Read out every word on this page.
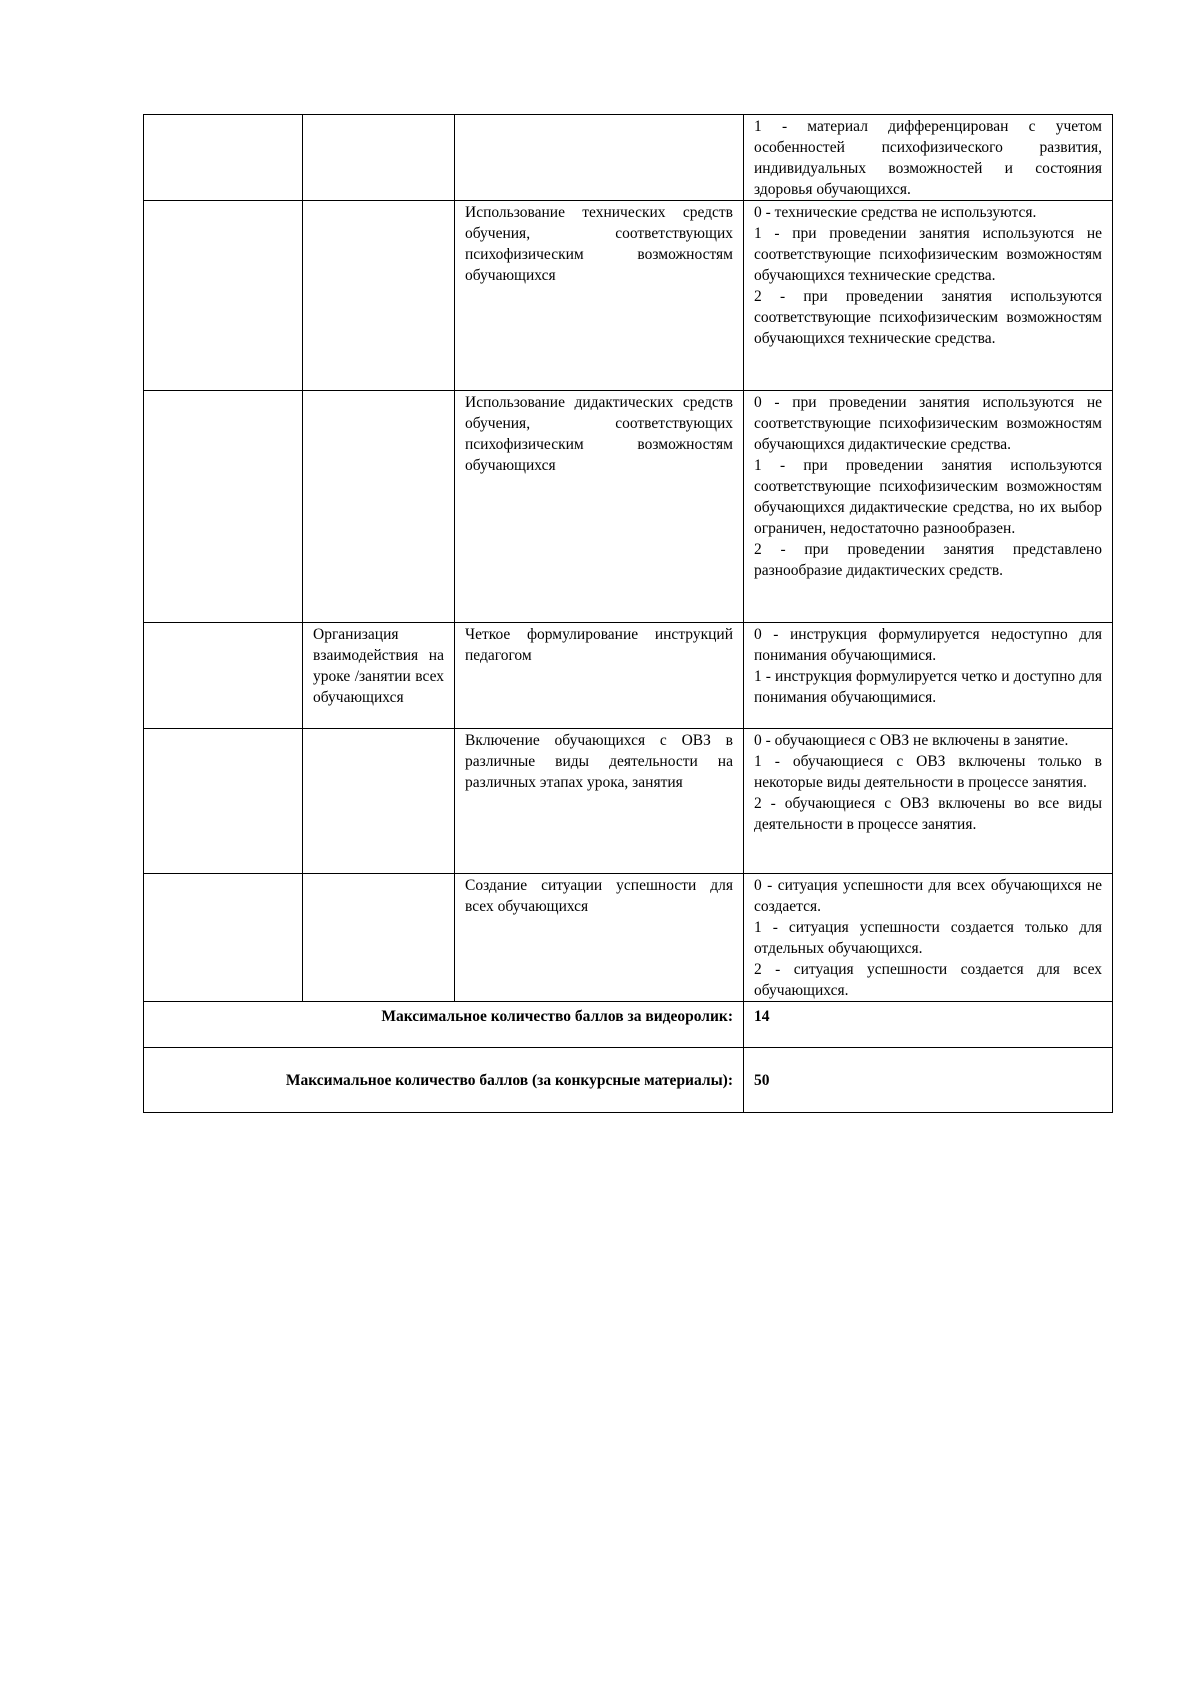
			1 - материал дифференцирован с учетом особенностей психофизического развития, индивидуальных возможностей и состояния здоровья обучающихся.

		Использование технических средств обучения, соответствующих психофизическим возможностям обучающихся	0 - технические средства не используются.

1 - при проведении занятия используются не соответствующие психофизическим возможностям обучающихся технические средства.

2 - при проведении занятия используются соответствующие психофизическим возможностям обучающихся технические средства.

		Использование дидактических средств обучения, соответствующих психофизическим возможностям обучающихся	0 - при проведении занятия используются не соответствующие психофизическим возможностям обучающихся дидактические средства.

1 - при проведении занятия используются соответствующие психофизическим возможностям обучающихся дидактические средства, но их выбор ограничен, недостаточно разнообразен.

2 - при проведении занятия представлено разнообразие дидактических средств.

	Организация взаимодействия на уроке /занятии всех обучающихся	Четкое формулирование инструкций педагогом	0 - инструкция формулируется недоступно для понимания обучающимися.

1 - инструкция формулируется четко и доступно для понимания обучающимися.

		Включение обучающихся с ОВЗ в различные виды деятельности на различных этапах урока, занятия	0 - обучающиеся с ОВЗ не включены в занятие.

1 - обучающиеся с ОВЗ включены только в некоторые виды деятельности в процессе занятия.

2 - обучающиеся с ОВЗ включены во все виды деятельности в процессе занятия.

		Создание ситуации успешности для всех обучающихся	0 - ситуация успешности для всех обучающихся не создается.

1 - ситуация успешности создается только для отдельных обучающихся.

2 - ситуация успешности создается для всех обучающихся.

Максимальное количество баллов за видеоролик:			14
Максимальное количество баллов (за конкурсные материалы):			50
